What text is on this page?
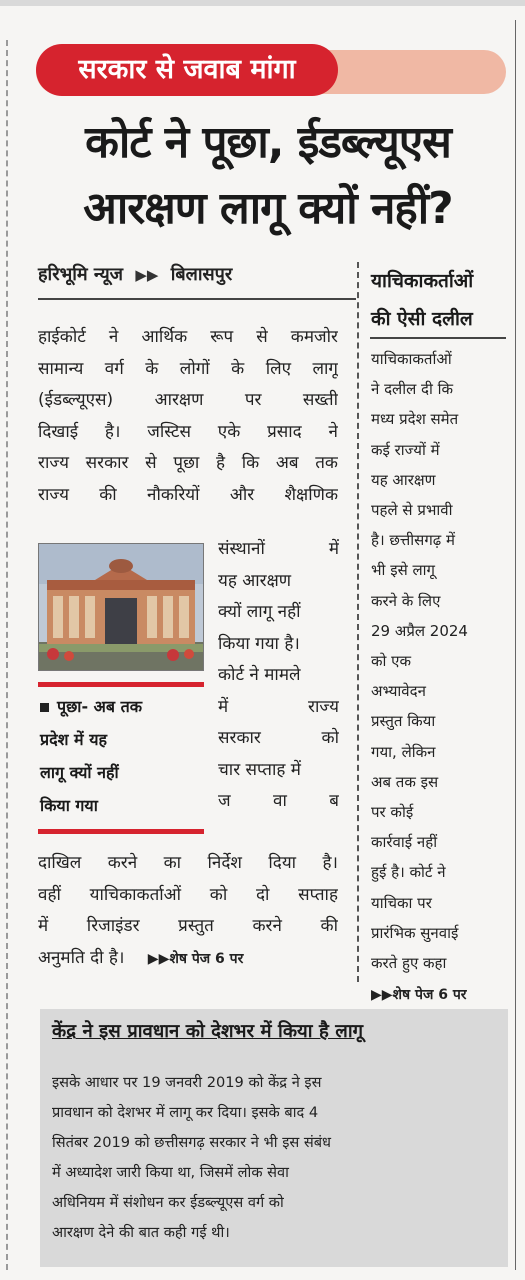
सरकार से जवाब मांगा
कोर्ट ने पूछा, ईडब्ल्यूएस
आरक्षण लागू क्यों नहीं?
हरिभूमि न्यूज ▶▶ बिलासपुर
हाईकोर्ट ने आर्थिक रूप से कमजोर
सामान्य वर्ग के लोगों के लिए लागू
(ईडब्ल्यूएस) आरक्षण पर सख्ती
दिखाई है। जस्टिस एके प्रसाद ने
राज्य सरकार से पूछा है कि अब तक
राज्य की नौकरियों और शैक्षणिक
पूछा- अब तक
प्रदेश में यह
लागू क्यों नहीं
किया गया
संस्थानों में
यह आरक्षण
क्यों लागू नहीं
किया गया है।
कोर्ट ने मामले
में राज्य
सरकार को
चार सप्ताह में
ज वा ब
दाखिल करने का निर्देश दिया है।
वहीं याचिकाकर्ताओं को दो सप्ताह
में रिजाइंडर प्रस्तुत करने की
अनुमति दी है। ▶▶शेष पेज 6 पर
याचिकाकर्ताओं
की ऐसी दलील
याचिकाकर्ताओं
ने दलील दी कि
मध्य प्रदेश समेत
कई राज्यों में
यह आरक्षण
पहले से प्रभावी
है। छत्तीसगढ़ में
भी इसे लागू
करने के लिए
29 अप्रैल 2024
को एक
अभ्यावेदन
प्रस्तुत किया
गया, लेकिन
अब तक इस
पर कोई
कार्रवाई नहीं
हुई है। कोर्ट ने
याचिका पर
प्रारंभिक सुनवाई
करते हुए कहा
▶▶शेष पेज 6 पर
केंद्र ने इस प्रावधान को देशभर में किया है लागू
इसके आधार पर 19 जनवरी 2019 को केंद्र ने इस
प्रावधान को देशभर में लागू कर दिया। इसके बाद 4
सितंबर 2019 को छत्तीसगढ़ सरकार ने भी इस संबंध
में अध्यादेश जारी किया था, जिसमें लोक सेवा
अधिनियम में संशोधन कर ईडब्ल्यूएस वर्ग को
आरक्षण देने की बात कही गई थी।
